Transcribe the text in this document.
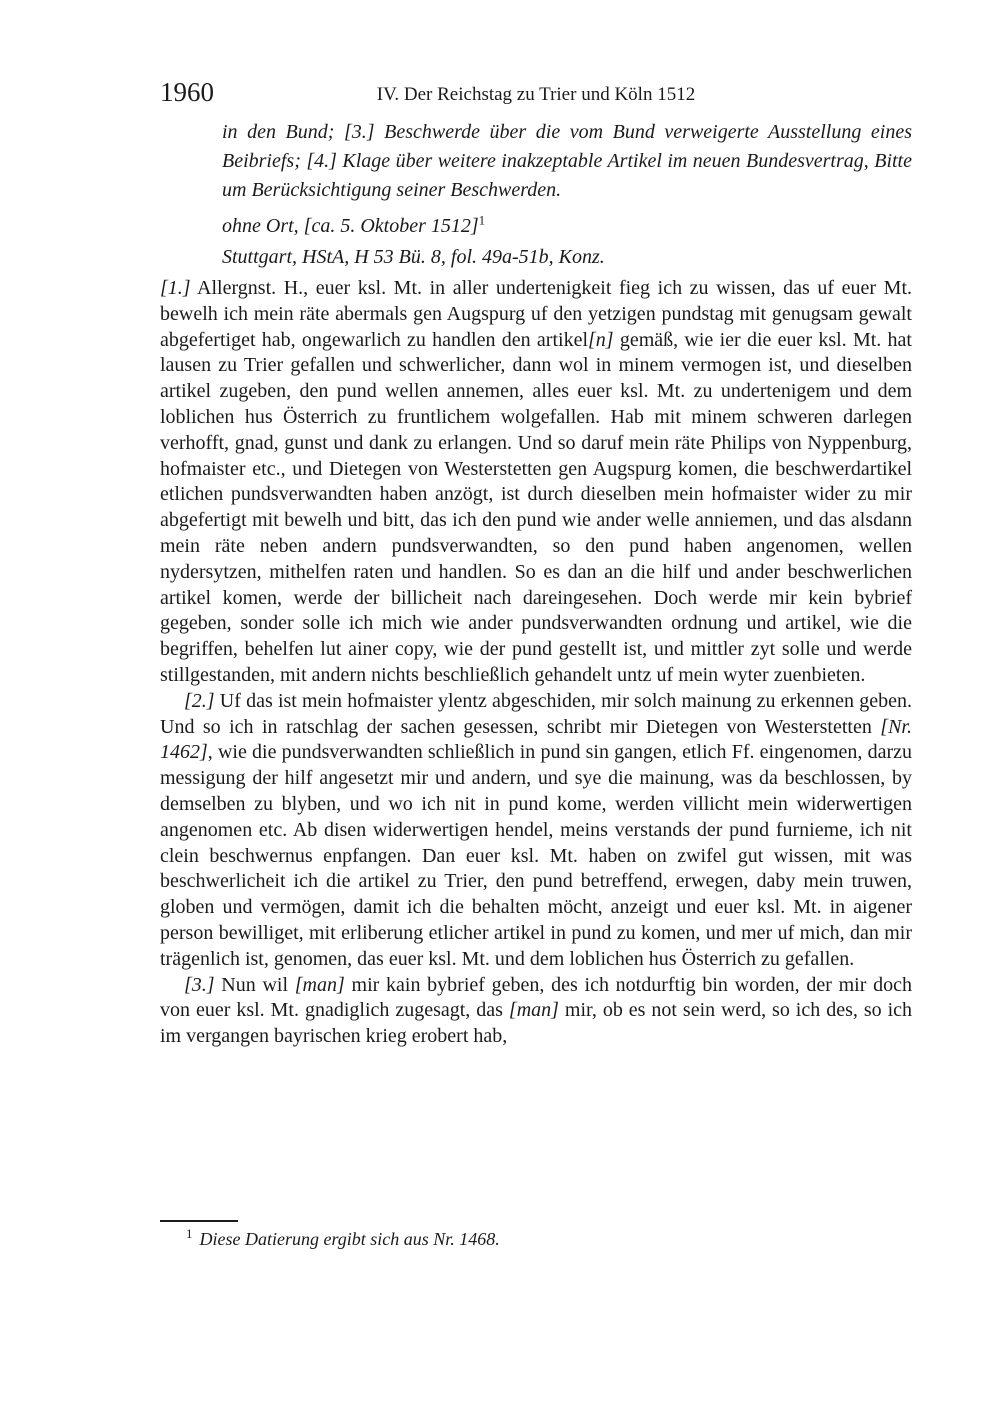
1960	IV. Der Reichstag zu Trier und Köln 1512

in den Bund; [3.] Beschwerde über die vom Bund verweigerte Ausstellung eines Beibriefs; [4.] Klage über weitere inakzeptable Artikel im neuen Bundesvertrag, Bitte um Berücksichtigung seiner Beschwerden.

ohne Ort, [ca. 5. Oktober 1512]$^1$

Stuttgart, HStA, H 53 Bü. 8, fol. 49a-51b, Konz.

[1.] Allergnst. H., euer ksl. Mt. in aller undertenigkeit fieg ich zu wissen, das uf euer Mt. bewelh ich mein räte abermals gen Augspurg uf den yetzigen pundstag mit genugsam gewalt abgefertiget hab, ongewarlich zu handlen den artikel[n] gemäß, wie ier die euer ksl. Mt. hat lausen zu Trier gefallen und schwerlicher, dann wol in minem vermogen ist, und dieselben artikel zugeben, den pund wellen annemen, alles euer ksl. Mt. zu undertenigem und dem loblichen hus Österrich zu fruntlichem wolgefallen. Hab mit minem schweren darlegen verhofft, gnad, gunst und dank zu erlangen. Und so daruf mein räte Philips von Nyppenburg, hofmaister etc., und Dietegen von Westerstetten gen Augspurg komen, die beschwerdartikel etlichen pundsverwandten haben anzögt, ist durch dieselben mein hofmaister wider zu mir abgefertigt mit bewelh und bitt, das ich den pund wie ander welle anniemen, und das alsdann mein räte neben andern pundsverwandten, so den pund haben angenomen, wellen nydersytzen, mithelfen raten und handlen. So es dan an die hilf und ander beschwerlichen artikel komen, werde der billicheit nach dareingesehen. Doch werde mir kein bybrief gegeben, sonder solle ich mich wie ander pundsverwandten ordnung und artikel, wie die begriffen, behelfen lut ainer copy, wie der pund gestellt ist, und mittler zyt solle und werde stillgestanden, mit andern nichts beschließlich gehandelt untz uf mein wyter zuenbieten.

[2.] Uf das ist mein hofmaister ylentz abgeschiden, mir solch mainung zu erkennen geben. Und so ich in ratschlag der sachen gesessen, schribt mir Dietegen von Westerstetten [Nr. 1462], wie die pundsverwandten schließlich in pund sin gangen, etlich Ff. eingenomen, darzu messigung der hilf angesetzt mir und andern, und sye die mainung, was da beschlossen, by demselben zu blyben, und wo ich nit in pund kome, werden villicht mein widerwertigen angenomen etc. Ab disen widerwertigen hendel, meins verstands der pund furnieme, ich nit clein beschwernus enpfangen. Dan euer ksl. Mt. haben on zwifel gut wissen, mit was beschwerlicheit ich die artikel zu Trier, den pund betreffend, erwegen, daby mein truwen, globen und vermögen, damit ich die behalten möcht, anzeigt und euer ksl. Mt. in aigener person bewilliget, mit erliberung etlicher artikel in pund zu komen, und mer uf mich, dan mir trägenlich ist, genomen, das euer ksl. Mt. und dem loblichen hus Österrich zu gefallen.

[3.] Nun wil [man] mir kain bybrief geben, des ich notdurftig bin worden, der mir doch von euer ksl. Mt. gnadiglich zugesagt, das [man] mir, ob es not sein werd, so ich des, so ich im vergangen bayrischen krieg erobert hab,

$^1$ Diese Datierung ergibt sich aus Nr. 1468.
